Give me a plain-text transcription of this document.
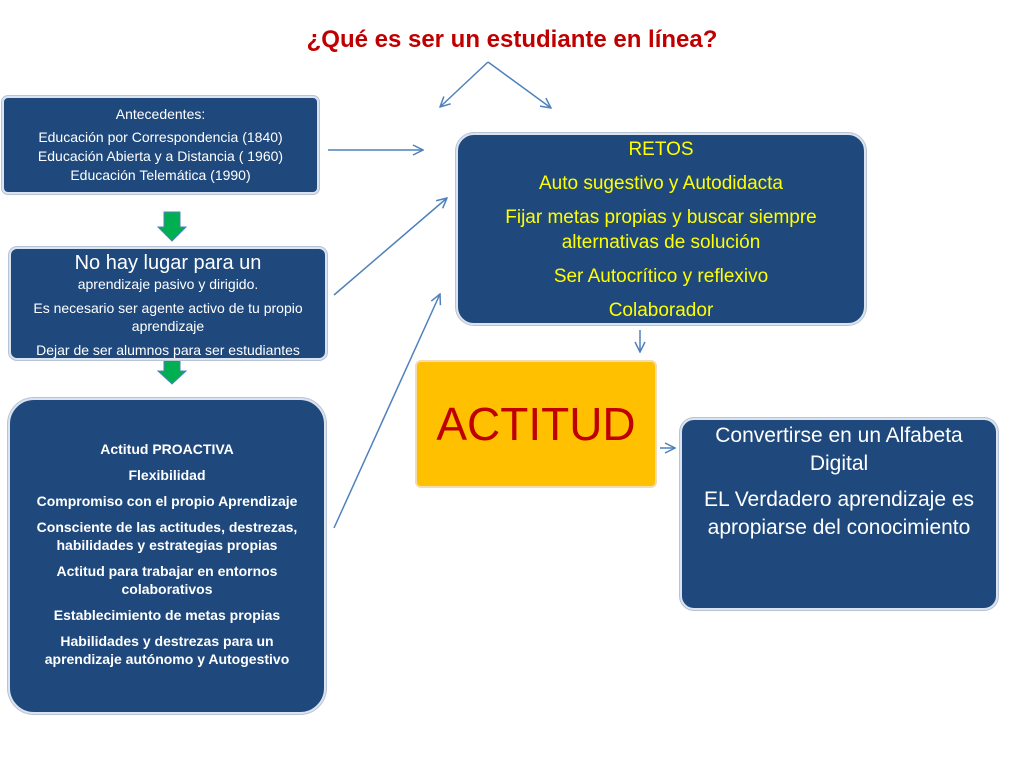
¿Qué es ser un estudiante en línea?

Antecedentes:

Educación por Correspondencia (1840)

Educación Abierta y a Distancia ( 1960)

Educación Telemática (1990)

No hay lugar para un

aprendizaje pasivo y dirigido.

Es necesario ser agente activo de tu propio aprendizaje

Dejar de ser alumnos para ser estudiantes

Actitud PROACTIVA

Flexibilidad

Compromiso con el propio Aprendizaje

Consciente de las actitudes, destrezas, habilidades y estrategias propias

Actitud para trabajar en entornos colaborativos

Establecimiento de metas propias

Habilidades y destrezas para un aprendizaje autónomo y Autogestivo

RETOS

Auto sugestivo y Autodidacta

Fijar metas propias y buscar siempre alternativas de solución

Ser Autocrítico y reflexivo

Colaborador

ACTITUD	Convertirse en un Alfabeta Digital

EL Verdadero aprendizaje es apropiarse del conocimiento
